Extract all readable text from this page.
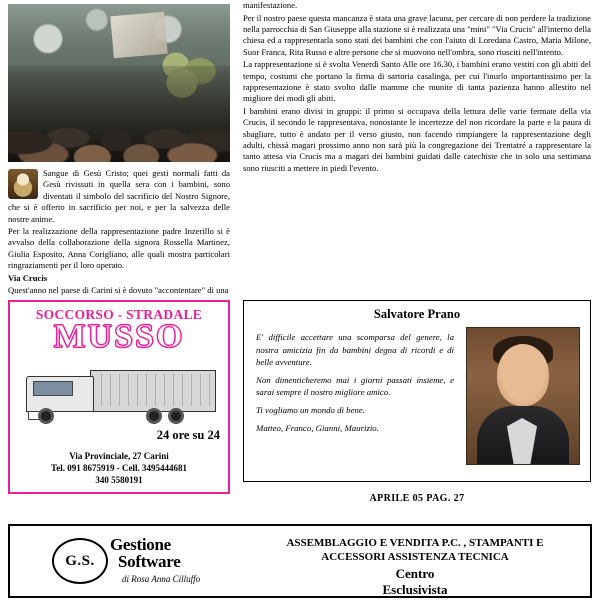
Sangue di Gesù Cristo; quei gesti normali fatti da Gesù rivissuti in quella sera con i bambini, sono diventati il simbolo del sacrificio del Nostro Signore, che si è offerto in sacrificio per noi, e per la salvezza delle nostre anime.

Per la realizzazione della rappresentazione padre Inzerillo si è avvalso della collaborazione della signora Rossella Martinez, Giulia Esposito, Anna Corigliano, alle quali mostra particolari ringraziamenti per il loro operato.

Via Crucis

Quest'anno nel paese di Carini si è dovuto "accontentare" di una

SOCCORSO - STRADALE
MUSSO
24 ore su 24
Via Provinciale, 27 Carini
Tel. 091 8675919 - Cell. 3495444681
340 5580191

manifestazione.

Per il nostro paese questa mancanza è stata una grave lacuna, per cercare di non perdere la tradizione nella parrocchia di San Giuseppe alla stazione si è realizzata una "mini" "Via Crucis" all'interno della chiesa ed a rappresentarla sono stati dei bambini che con l'aiuto di Loredana Castro, Maria Milone, Suor Franca, Rita Russo e altre persone che si muovono nell'ombra, sono riusciti nell'intento.

La rappresentazione si è svolta Venerdì Santo Alle ore 16.30, i bambini erano vestiti con gli abiti del tempo, costumi che portano la firma di sartoria casalinga, per cui l'inurlo importantissimo per la rappresentazione è stato svolto dalle mamme che munite di tanta pazienza hanno allestito nel migliore dei modi gli abiti.

I bambini erano divisi in gruppi: il primo si occupava della lettura delle varie fermate della via Crucis, il secondo le rappresentava, nonostante le incertezze del non ricordare la parte e la paura di sbagliare, tutto è andato per il verso giusto, non facendo rimpiangere la rappresentazione degli adulti, chissà magari prossimo anno non sarà più la congregazione dei Trentatré a rappresentare la tanto attesa via Crucis ma a magari dei bambini guidati dalle catechiste che in solo una settimana sono riusciti a mettere in piedi l'evento.

Salvatore Prano

E' difficile accettare una scomparsa del genere, la nostra amicizia fin da bambini degna di ricordi e di belle avventure.

Non dimenticheremo mai i giorni passati insieme, e sarai sempre il nostro migliore amico.

Ti vogliamo un mondo di bene.

Matteo, Franco, Gianni, Maurizio.

APRILE 05 PAG. 27
G.S.
Gestione
Software
di Rosa Anna Cilluffo
ASSEMBLAGGIO E VENDITA P.C. , STAMPANTI E
ACCESSORI ASSISTENZA TECNICA
Centro
Esclusivista
